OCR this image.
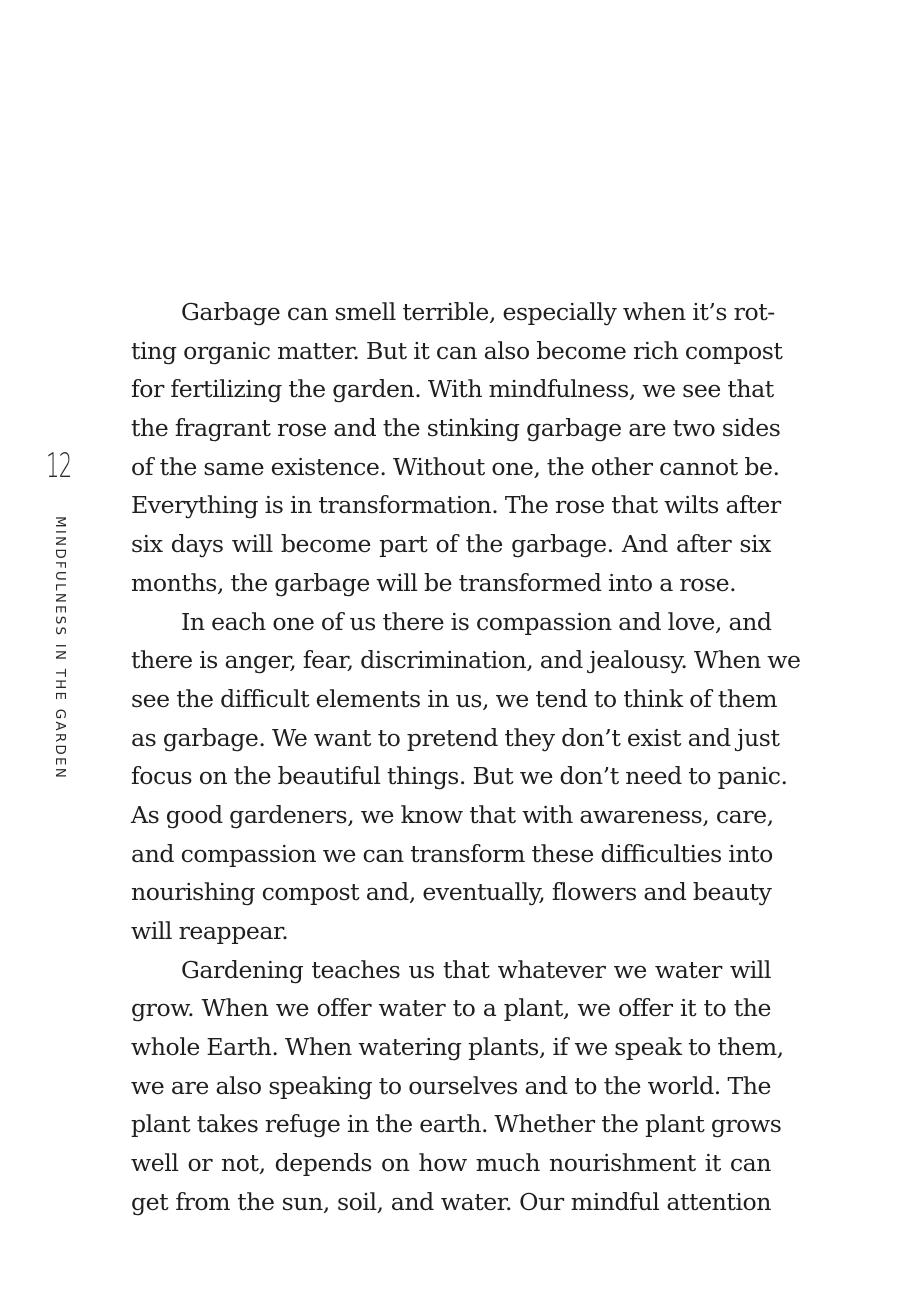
12
MINDFULNESS IN THE GARDEN
Garbage can smell terrible, especially when it’s rot-
ting organic matter. But it can also become rich compost
for fertilizing the garden. With mindfulness, we see that
the fragrant rose and the stinking garbage are two sides
of the same existence. Without one, the other cannot be.
Everything is in transformation. The rose that wilts after
six days will become part of the garbage. And after six
months, the garbage will be transformed into a rose.
In each one of us there is compassion and love, and
there is anger, fear, discrimination, and jealousy. When we
see the difficult elements in us, we tend to think of them
as garbage. We want to pretend they don’t exist and just
focus on the beautiful things. But we don’t need to panic.
As good gardeners, we know that with awareness, care,
and compassion we can transform these difficulties into
nourishing compost and, eventually, flowers and beauty
will reappear.
Gardening teaches us that whatever we water will
grow. When we offer water to a plant, we offer it to the
whole Earth. When watering plants, if we speak to them,
we are also speaking to ourselves and to the world. The
plant takes refuge in the earth. Whether the plant grows
well or not, depends on how much nourishment it can
get from the sun, soil, and water. Our mindful attention
